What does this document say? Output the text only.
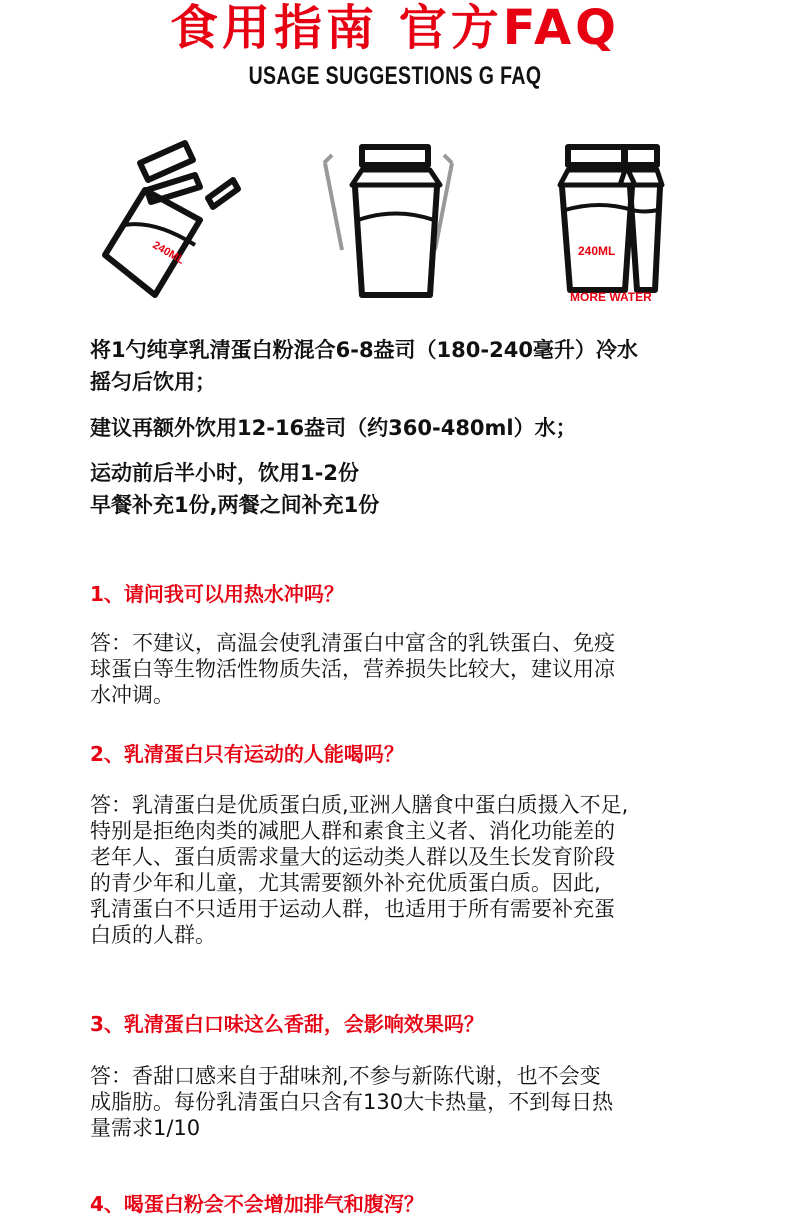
食用指南 官方FAQ
USAGE SUGGESTIONS G FAQ
240ML	240ML
MORE WATER
将1勺纯享乳清蛋白粉混合6-8盎司（180-240毫升）冷水
摇匀后饮用；
建议再额外饮用12-16盎司（约360-480ml）水；
运动前后半小时，饮用1-2份
早餐补充1份,两餐之间补充1份
1、请问我可以用热水冲吗？
答：不建议，高温会使乳清蛋白中富含的乳铁蛋白、免疫
球蛋白等生物活性物质失活，营养损失比较大，建议用凉
水冲调。
2、乳清蛋白只有运动的人能喝吗？
答：乳清蛋白是优质蛋白质,亚洲人膳食中蛋白质摄入不足,
特别是拒绝肉类的减肥人群和素食主义者、消化功能差的
老年人、蛋白质需求量大的运动类人群以及生长发育阶段
的青少年和儿童，尤其需要额外补充优质蛋白质。因此,
乳清蛋白不只适用于运动人群，也适用于所有需要补充蛋
白质的人群。
3、乳清蛋白口味这么香甜，会影响效果吗？
答：香甜口感来自于甜味剂,不参与新陈代谢，也不会变
成脂肪。每份乳清蛋白只含有130大卡热量，不到每日热
量需求1/10
4、喝蛋白粉会不会增加排气和腹泻？
